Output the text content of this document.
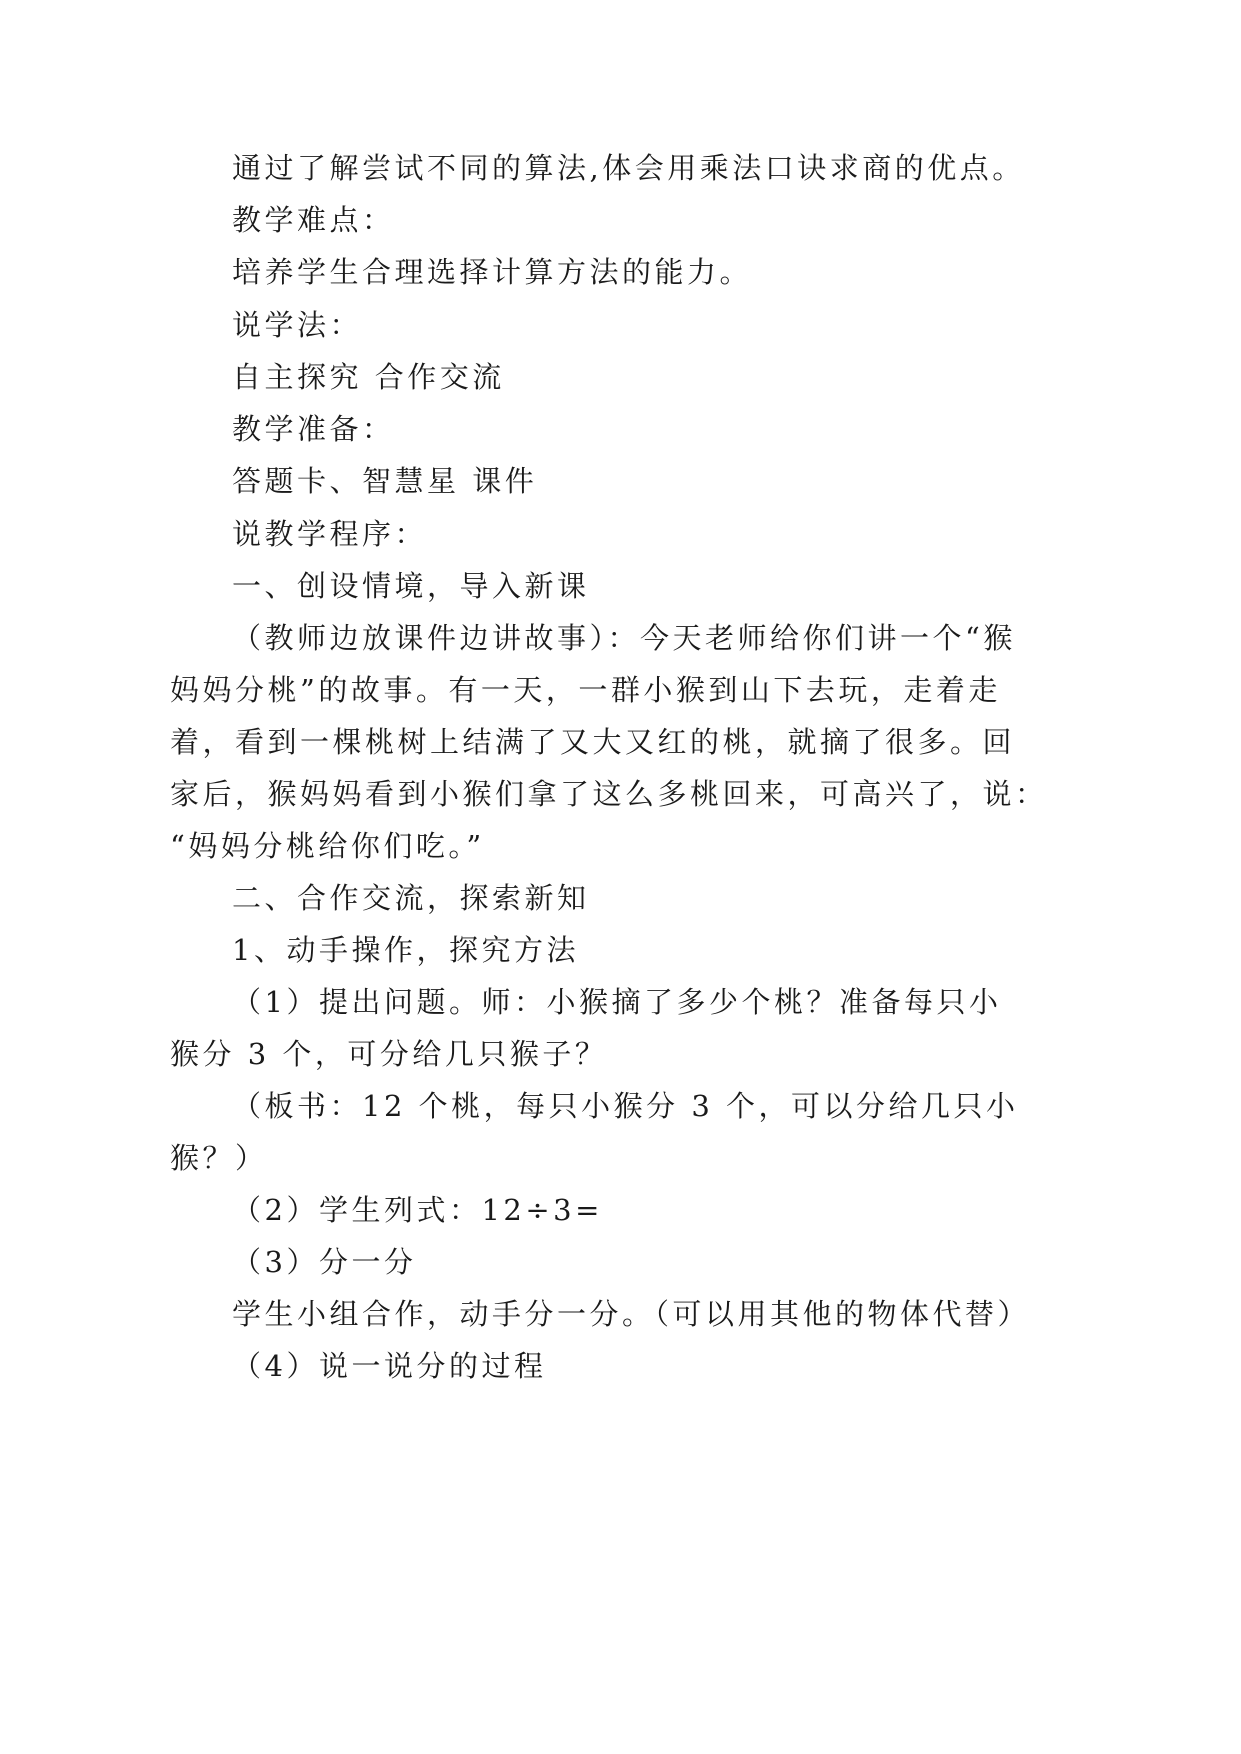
通过了解尝试不同的算法,体会用乘法口诀求商的优点。

教学难点：

培养学生合理选择计算方法的能力。

说学法：

自主探究 合作交流

教学准备：

答题卡、智慧星 课件

说教学程序：

一、创设情境，导入新课

（教师边放课件边讲故事）：今天老师给你们讲一个“猴

妈妈分桃”的故事。有一天，一群小猴到山下去玩，走着走

着，看到一棵桃树上结满了又大又红的桃，就摘了很多。回

家后，猴妈妈看到小猴们拿了这么多桃回来，可高兴了，说：

“妈妈分桃给你们吃。”

二、合作交流，探索新知

1、动手操作，探究方法

（1）提出问题。师：小猴摘了多少个桃？准备每只小

猴分 3 个，可分给几只猴子？

（板书：12 个桃，每只小猴分 3 个，可以分给几只小

猴？）

（2）学生列式：12÷3=

（3）分一分

学生小组合作，动手分一分。（可以用其他的物体代替）

（4）说一说分的过程
